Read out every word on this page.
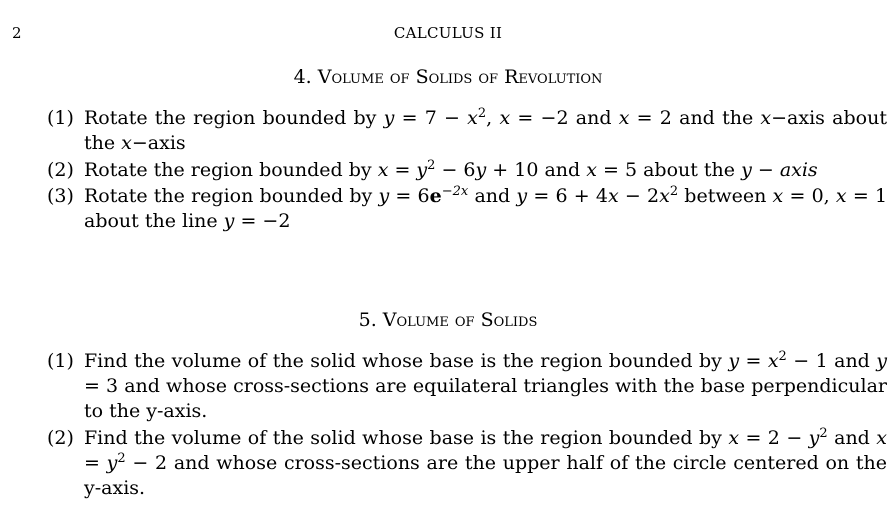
2	CALCULUS II
4. Volume of Solids of Revolution
(1) Rotate the region bounded by $y = 7 - x^2$, x = −2 and x = 2 and the x−axis about the x−axis
(2) Rotate the region bounded by $x = y^2 - 6y + 10$ and x = 5 about the y − axis
(3) Rotate the region bounded by $y = 6e^{-2x}$ and $y = 6 + 4x - 2x^2$ between x = 0, x = 1 about the line y = −2
5. Volume of Solids
(1) Find the volume of the solid whose base is the region bounded by $y = x^2 - 1$ and y = 3 and whose cross-sections are equilateral triangles with the base perpendicular to the y-axis.
(2) Find the volume of the solid whose base is the region bounded by $x = 2 - y^2$ and $x = y^2 - 2$ and whose cross-sections are the upper half of the circle centered on the y-axis.
